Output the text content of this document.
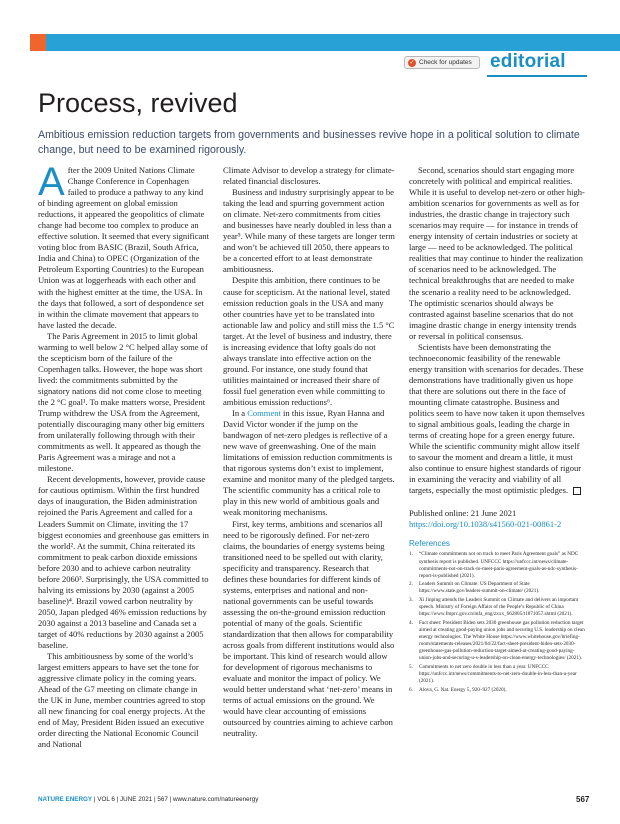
✓ Check for updates editorial
Process, revived

Ambitious emission reduction targets from governments and businesses revive hope in a political solution to climate change, but need to be examined rigorously.

After the 2009 United Nations Climate Change Conference in Copenhagen failed to produce a pathway to any kind of binding agreement on global emission reductions, it appeared the geopolitics of climate change had become too complex to produce an effective solution. It seemed that every significant voting bloc from BASIC (Brazil, South Africa, India and China) to OPEC (Organization of the Petroleum Exporting Countries) to the European Union was at loggerheads with each other and with the highest emitter at the time, the USA. In the days that followed, a sort of despondence set in within the climate movement that appears to have lasted the decade.

The Paris Agreement in 2015 to limit global warming to well below 2 °C helped allay some of the scepticism born of the failure of the Copenhagen talks. However, the hope was short lived: the commitments submitted by the signatory nations did not come close to meeting the 2 °C goal¹. To make matters worse, President Trump withdrew the USA from the Agreement, potentially discouraging many other big emitters from unilaterally following through with their commitments as well. It appeared as though the Paris Agreement was a mirage and not a milestone.

Recent developments, however, provide cause for cautious optimism. Within the first hundred days of inauguration, the Biden administration rejoined the Paris Agreement and called for a Leaders Summit on Climate, inviting the 17 biggest economies and greenhouse gas emitters in the world². At the summit, China reiterated its commitment to peak carbon dioxide emissions before 2030 and to achieve carbon neutrality before 2060³. Surprisingly, the USA committed to halving its emissions by 2030 (against a 2005 baseline)⁴. Brazil vowed carbon neutrality by 2050, Japan pledged 46% emission reductions by 2030 against a 2013 baseline and Canada set a target of 40% reductions by 2030 against a 2005 baseline.

This ambitiousness by some of the world’s largest emitters appears to have set the tone for aggressive climate policy in the coming years. Ahead of the G7 meeting on climate change in the UK in June, member countries agreed to stop all new financing for coal energy projects. At the end of May, President Biden issued an executive order directing the National Economic Council and National

Climate Advisor to develop a strategy for climate-related financial disclosures.

Business and industry surprisingly appear to be taking the lead and spurring government action on climate. Net-zero commitments from cities and businesses have nearly doubled in less than a year⁵. While many of these targets are longer term and won’t be achieved till 2050, there appears to be a concerted effort to at least demonstrate ambitiousness.

Despite this ambition, there continues to be cause for scepticism. At the national level, stated emission reduction goals in the USA and many other countries have yet to be translated into actionable law and policy and still miss the 1.5 °C target. At the level of business and industry, there is increasing evidence that lofty goals do not always translate into effective action on the ground. For instance, one study found that utilities maintained or increased their share of fossil fuel generation even while committing to ambitious emission reductions⁶.

In a Comment in this issue, Ryan Hanna and David Victor wonder if the jump on the bandwagon of net-zero pledges is reflective of a new wave of greenwashing. One of the main limitations of emission reduction commitments is that rigorous systems don’t exist to implement, examine and monitor many of the pledged targets. The scientific community has a critical role to play in this new world of ambitious goals and weak monitoring mechanisms.

First, key terms, ambitions and scenarios all need to be rigorously defined. For net-zero claims, the boundaries of energy systems being transitioned need to be spelled out with clarity, specificity and transparency. Research that defines these boundaries for different kinds of systems, enterprises and national and non-national governments can be useful towards assessing the on-the-ground emission reduction potential of many of the goals. Scientific standardization that then allows for comparability across goals from different institutions would also be important. This kind of research would allow for development of rigorous mechanisms to evaluate and monitor the impact of policy. We would better understand what ‘net-zero’ means in terms of actual emissions on the ground. We would have clear accounting of emissions outsourced by countries aiming to achieve carbon neutrality.

Second, scenarios should start engaging more concretely with political and empirical realities. While it is useful to develop net-zero or other high-ambition scenarios for governments as well as for industries, the drastic change in trajectory such scenarios may require — for instance in trends of energy intensity of certain industries or society at large — need to be acknowledged. The political realities that may continue to hinder the realization of scenarios need to be acknowledged. The technical breakthroughs that are needed to make the scenario a reality need to be acknowledged. The optimistic scenarios should always be contrasted against baseline scenarios that do not imagine drastic change in energy intensity trends or reversal in political consensus.

Scientists have been demonstrating the technoeconomic feasibility of the renewable energy transition with scenarios for decades. These demonstrations have traditionally given us hope that there are solutions out there in the face of mounting climate catastrophe. Business and politics seem to have now taken it upon themselves to signal ambitious goals, leading the charge in terms of creating hope for a green energy future. While the scientific community might allow itself to savour the moment and dream a little, it must also continue to ensure highest standards of rigour in examining the veracity and viability of all targets, especially the most optimistic pledges.

Published online: 21 June 2021
https://doi.org/10.1038/s41560-021-00861-2
References
1.	“Climate commitments not on track to meet Paris Agreement goals” as NDC synthesis report is published. UNFCCC https://unfccc.int/news/climate-commitments-not-on-track-to-meet-paris-agreement-goals-as-ndc-synthesis-report-is-published (2021).
2.	Leaders Summit on Climate. US Department of State https://www.state.gov/leaders-summit-on-climate/ (2021).
3.	Xi Jinping attends the Leaders Summit on Climate and delivers an important speech. Ministry of Foreign Affairs of the People’s Republic of China https://www.fmprc.gov.cn/mfa_eng/zxxx_662805/t1871057.shtml (2021).
4.	Fact sheet: President Biden sets 2030 greenhouse gas pollution reduction target aimed at creating good-paying union jobs and securing U.S. leadership on clean energy technologies. The White House https://www.whitehouse.gov/briefing-room/statements-releases/2021/04/22/fact-sheet-president-biden-sets-2030-greenhouse-gas-pollution-reduction-target-aimed-at-creating-good-paying-union-jobs-and-securing-u-s-leadership-on-clean-energy-technologies/ (2021).
5.	Commitments to net zero double in less than a year. UNFCCC https://unfccc.int/news/commitments-to-net-zero-double-in-less-than-a-year (2021).
6.	Alova, G. Nat. Energy 5, 920–927 (2020).
NATURE ENERGY | VOL 6 | JUNE 2021 | 567 | www.nature.com/natureenergy	567
